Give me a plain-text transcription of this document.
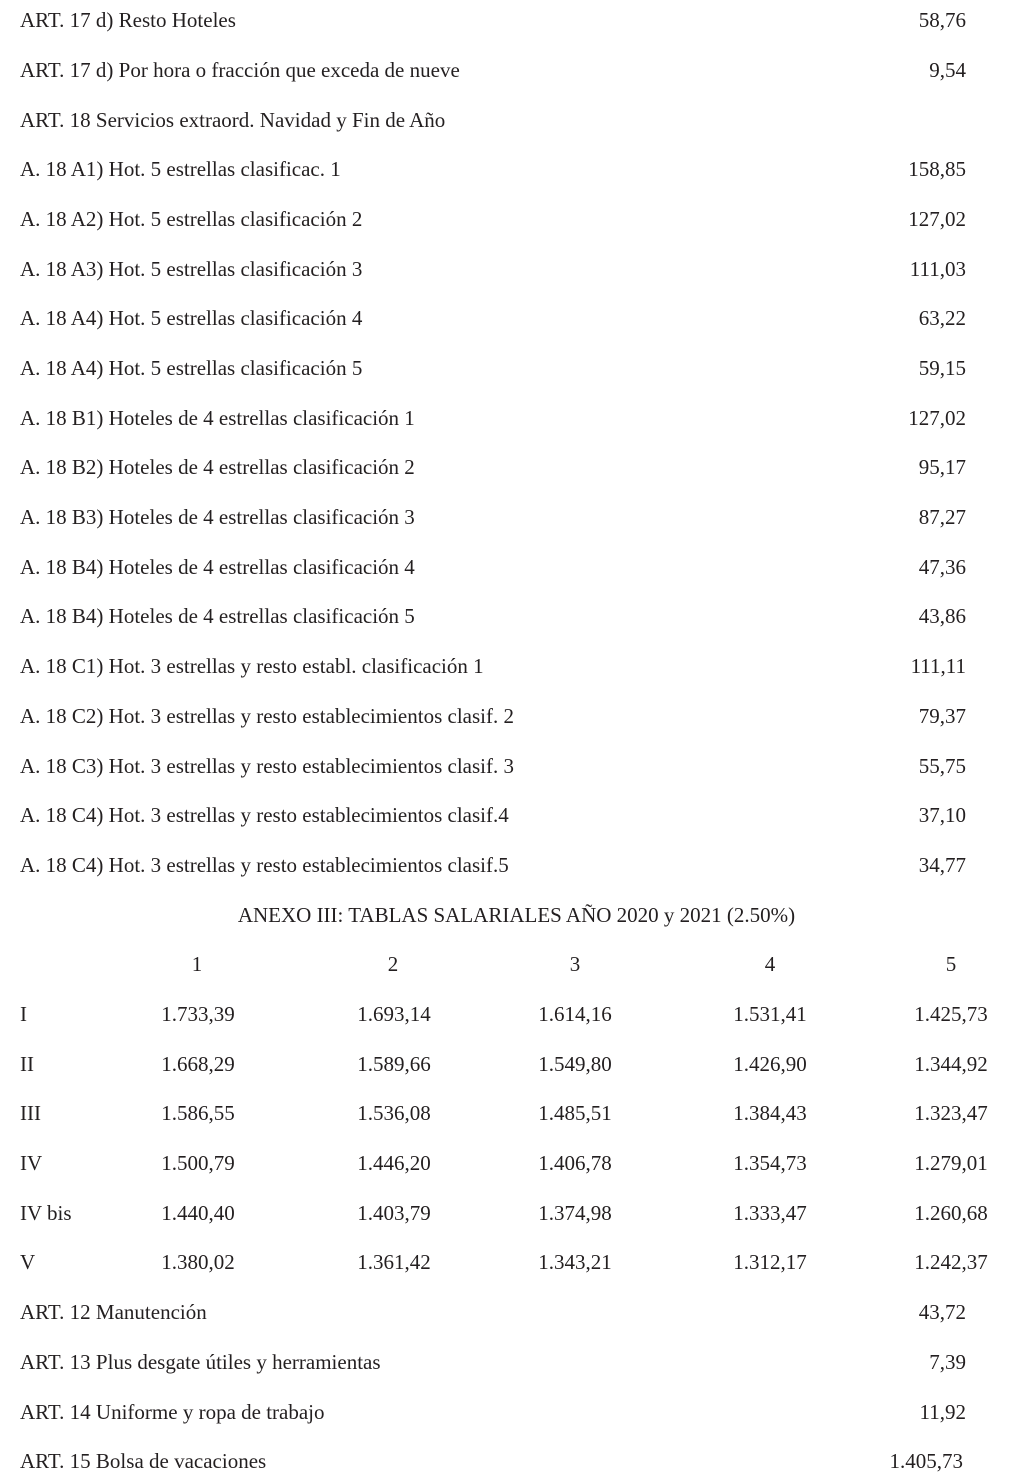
ART. 17 d) Resto Hoteles	58,76
ART. 17 d) Por hora o fracción que exceda de nueve	9,54
ART. 18 Servicios extraord. Navidad y Fin de Año
A. 18 A1) Hot. 5 estrellas clasificac. 1	158,85
A. 18 A2) Hot. 5 estrellas clasificación 2	127,02
A. 18 A3) Hot. 5 estrellas clasificación 3	111,03
A. 18 A4) Hot. 5 estrellas clasificación 4	63,22
A. 18 A4) Hot. 5 estrellas clasificación 5	59,15
A. 18 B1) Hoteles de 4 estrellas clasificación 1	127,02
A. 18 B2) Hoteles de 4 estrellas clasificación 2	95,17
A. 18 B3) Hoteles de 4 estrellas clasificación 3	87,27
A. 18 B4) Hoteles de 4 estrellas clasificación 4	47,36
A. 18 B4) Hoteles de 4 estrellas clasificación 5	43,86
A. 18 C1) Hot. 3 estrellas y resto establ. clasificación 1	111,11
A. 18 C2) Hot. 3 estrellas y resto establecimientos clasif. 2	79,37
A. 18 C3) Hot. 3 estrellas y resto establecimientos clasif. 3	55,75
A. 18 C4) Hot. 3 estrellas y resto establecimientos clasif.4	37,10
A. 18 C4) Hot. 3 estrellas y resto establecimientos clasif.5	34,77
ANEXO III: TABLAS SALARIALES AÑO 2020 y 2021 (2.50%)
1	2	3	4	5
I	1.733,39	1.693,14	1.614,16	1.531,41	1.425,73
II	1.668,29	1.589,66	1.549,80	1.426,90	1.344,92
III	1.586,55	1.536,08	1.485,51	1.384,43	1.323,47
IV	1.500,79	1.446,20	1.406,78	1.354,73	1.279,01
IV bis	1.440,40	1.403,79	1.374,98	1.333,47	1.260,68
V	1.380,02	1.361,42	1.343,21	1.312,17	1.242,37
ART. 12 Manutención	43,72
ART. 13 Plus desgate útiles y herramientas	7,39
ART. 14 Uniforme y ropa de trabajo	11,92
ART. 15 Bolsa de vacaciones	1.405,73
